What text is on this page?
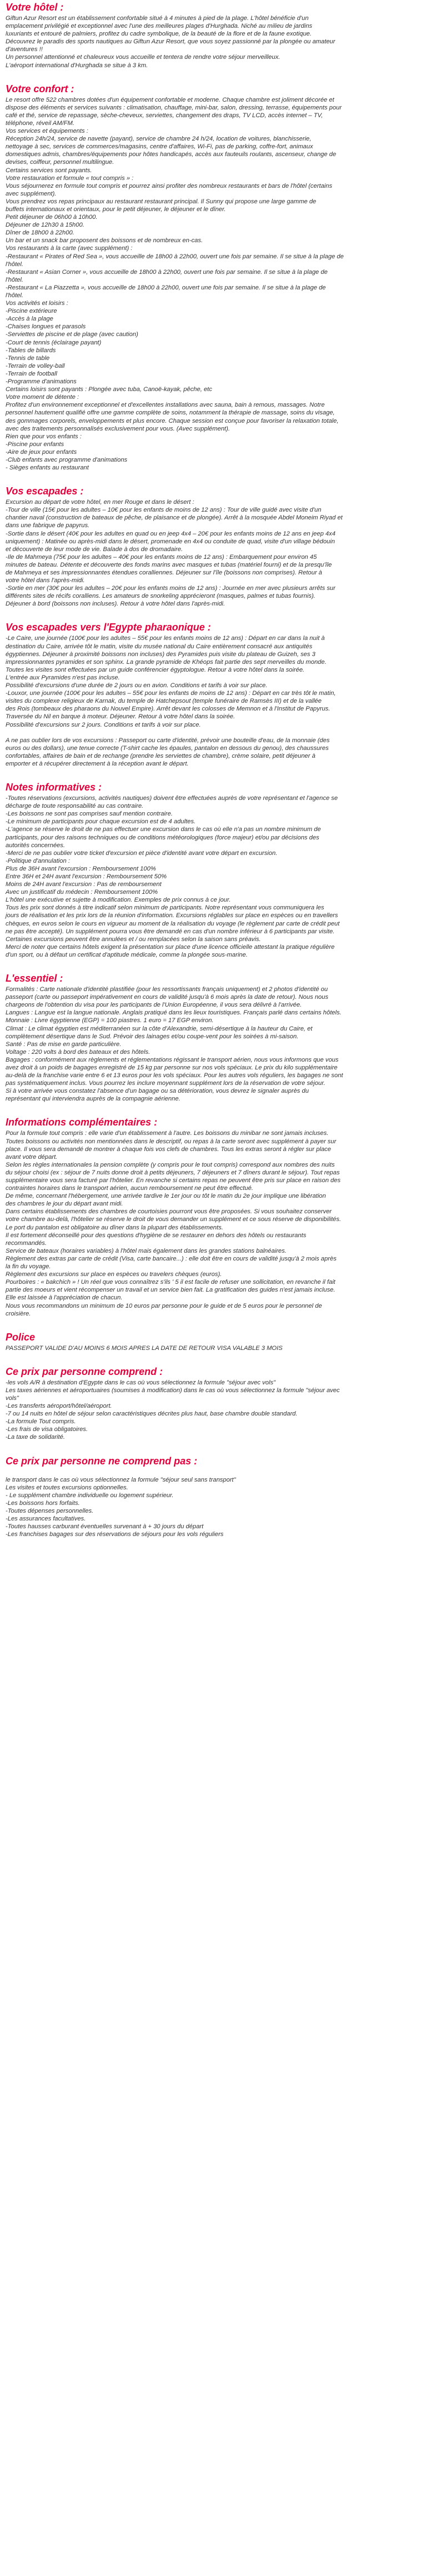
Votre hôtel :
Giftun Azur Resort est un établissement confortable situé à 4 minutes à pied de la plage. L'hôtel bénéficie d'un
emplacement privilégié et exceptionnel avec l'une des meilleures plages d'Hurghada. Niché au milieu de jardins
luxuriants et entouré de palmiers, profitez du cadre symbolique, de la beauté de la flore et de la faune exotique.
Découvrez le paradis des sports nautiques au Giftun Azur Resort, que vous soyez passionné par la plongée ou amateur
d'aventures !!
Un personnel attentionné et chaleureux vous accueille et tentera de rendre votre séjour merveilleux.
L'aéroport international d'Hurghada se situe à 3 km.
Votre confort :
Le resort offre 522 chambres dotées d'un équipement confortable et moderne. Chaque chambre est joliment décorée et
dispose des éléments et services suivants : climatisation, chauffage, mini-bar, salon, dressing, terrasse, équipements pour
café et thé, service de repassage, sèche-cheveux, serviettes, changement des draps, TV LCD, accès internet – TV,
téléphone, réveil AM/FM.
Vos services et équipements :
Réception 24h/24, service de navette (payant), service de chambre 24 h/24, location de voitures, blanchisserie,
nettoyage à sec, services de commerces/magasins, centre d'affaires, Wi-Fi, pas de parking, coffre-fort, animaux
domestiques admis, chambres/équipements pour hôtes handicapés, accès aux fauteuils roulants, ascenseur, change de
devises, coiffeur, personnel multilingue.
Certains services sont payants.
Votre restauration et formule « tout compris » :
Vous séjournerez en formule tout compris et pourrez ainsi profiter des nombreux restaurants et bars de l'hôtel (certains
avec supplément).
Vous prendrez vos repas principaux au restaurant restaurant principal. Il Sunny qui propose une large gamme de
buffets internationaux et orientaux, pour le petit déjeuner, le déjeuner et le dîner.
Petit déjeuner de 06h00 à 10h00.
Déjeuner de 12h30 à 15h00.
Dîner de 18h00 à 22h00.
Un bar et un snack bar proposent des boissons et de nombreux en-cas.
Vos restaurants à la carte (avec supplément) :
-Restaurant « Pirates of Red Sea », vous accueille de 18h00 à 22h00, ouvert une fois par semaine. Il se situe à la plage de
l'hôtel.
-Restaurant « Asian Corner », vous accueille de 18h00 à 22h00, ouvert une fois par semaine. Il se situe à la plage de
l'hôtel.
-Restaurant « La Piazzetta », vous accueille de 18h00 à 22h00, ouvert une fois par semaine. Il se situe à la plage de
l'hôtel.
Vos activités et loisirs :
-Piscine extérieure
-Accès à la plage
-Chaises longues et parasols
-Serviettes de piscine et de plage (avec caution)
-Court de tennis (éclairage payant)
-Tables de billards
-Tennis de table
-Terrain de volley-ball
-Terrain de football
-Programme d'animations
Certains loisirs sont payants : Plongée avec tuba, Canoë-kayak, pêche, etc
Votre moment de détente :
Profitez d'un environnement exceptionnel et d'excellentes installations avec sauna, bain à remous, massages. Notre
personnel hautement qualifié offre une gamme complète de soins, notamment la thérapie de massage, soins du visage,
des gommages corporels, enveloppements et plus encore. Chaque session est conçue pour favoriser la relaxation totale,
avec des traitements personnalisés exclusivement pour vous. (Avec supplément).
Rien que pour vos enfants :
-Piscine pour enfants
-Aire de jeux pour enfants
-Club enfants avec programme d'animations
- Sièges enfants au restaurant
Vos escapades :
Excursion au départ de votre hôtel, en mer Rouge et dans le désert :
-Tour de ville (15€ pour les adultes – 10€ pour les enfants de moins de 12 ans) : Tour de ville guidé avec visite d'un
chantier naval (construction de bateaux de pêche, de plaisance et de plongée). Arrêt à la mosquée Abdel Moneim Riyad et
dans une fabrique de papyrus.
-Sortie dans le désert (40€ pour les adultes en quad ou en jeep 4x4 – 20€ pour les enfants moins de 12 ans en jeep 4x4
uniquement) : Matinée ou après-midi dans le désert, promenade en 4x4 ou conduite de quad, visite d'un village bédouin
et découverte de leur mode de vie. Balade à dos de dromadaire.
-Ile de Mahmeya (75€ pour les adultes – 40€ pour les enfants moins de 12 ans) : Embarquement pour environ 45
minutes de bateau. Détente et découverte des fonds marins avec masques et tubas (matériel fourni) et de la presqu'île
de Mahmeya et ses impressionnantes étendues coralliennes. Déjeuner sur l'île (boissons non comprises). Retour à
votre hôtel dans l'après-midi.
-Sortie en mer (30€ pour les adultes – 20€ pour les enfants moins de 12 ans) : Journée en mer avec plusieurs arrêts sur
différents sites de récifs coralliens. Les amateurs de snorkeling apprécieront (masques, palmes et tubas fournis).
Déjeuner à bord (boissons non incluses). Retour à votre hôtel dans l'après-midi.
Vos escapades vers l'Egypte pharaonique :
-Le Caire, une journée (100€ pour les adultes – 55€ pour les enfants moins de 12 ans) : Départ en car dans la nuit à
destination du Caire, arrivée tôt le matin, visite du musée national du Caire entièrement consacré aux antiquités
égyptiennes. Déjeuner à proximité boissons non incluses) des Pyramides puis visite du plateau de Guizeh, ses 3
impressionnantes pyramides et son sphinx. La grande pyramide de Khéops fait partie des sept merveilles du monde.
Toutes les visites sont effectuées par un guide conférencier égyptologue. Retour à votre hôtel dans la soirée.
L'entrée aux Pyramides n'est pas incluse.
Possibilité d'excursions d'une durée de 2 jours ou en avion. Conditions et tarifs à voir sur place.
-Louxor, une journée (100€ pour les adultes – 55€ pour les enfants de moins de 12 ans) : Départ en car très tôt le matin,
visites du complexe religieux de Karnak, du temple de Hatchepsout (temple funéraire de Ramsès III) et de la vallée
des Rois (tombeaux des pharaons du Nouvel Empire). Arrêt devant les colosses de Memnon et à l'Institut de Papyrus.
Traversée du Nil en barque à moteur. Déjeuner. Retour à votre hôtel dans la soirée.
Possibilité d'excursions sur 2 jours. Conditions et tarifs à voir sur place.
A ne pas oublier lors de vos excursions : Passeport ou carte d'identité, prévoir une bouteille d'eau, de la monnaie (des
euros ou des dollars), une tenue correcte (T-shirt cache les épaules, pantalon en dessous du genou), des chaussures
confortables, affaires de bain et de rechange (prendre les serviettes de chambre), crème solaire, petit déjeuner à
emporter et à récupérer directement à la réception avant le départ.
Notes informatives :
-Toutes réservations (excursions, activités nautiques) doivent être effectuées auprès de votre représentant et l'agence se
décharge de toute responsabilité au cas contraire.
-Les boissons ne sont pas comprises sauf mention contraire.
-Le minimum de participants pour chaque excursion est de 4 adultes.
-L'agence se réserve le droit de ne pas effectuer une excursion dans le cas où elle n'a pas un nombre minimum de
participants, pour des raisons techniques ou de conditions météorologiques (force majeur) et/ou par décisions des
autorités concernées.
-Merci de ne pas oublier votre ticket d'excursion et pièce d'identité avant votre départ en excursion.
-Politique d'annulation :
Plus de 36H avant l'excursion : Remboursement 100%
Entre 36H et 24H avant l'excursion : Remboursement 50%
Moins de 24H avant l'excursion : Pas de remboursement
Avec un justificatif du médecin : Remboursement 100%
L'hôtel une exécutive et sujette à modification. Exemples de prix connus à ce jour.
Tous les prix sont donnés à titre indicatif selon minimum de participants. Notre représentant vous communiquera les
jours de réalisation et les prix lors de la réunion d'information. Excursions réglables sur place en espèces ou en travellers
chèques, en euros selon le cours en vigueur au moment de la réalisation du voyage (le règlement par carte de crédit peut
ne pas être accepté). Un supplément pourra vous être demandé en cas d'un nombre inférieur à 6 participants par visite.
Certaines excursions peuvent être annulées et / ou remplacées selon la saison sans préavis.
Merci de noter que certains hôtels exigent la présentation sur place d'une licence officielle attestant la pratique régulière
d'un sport, ou à défaut un certificat d'aptitude médicale, comme la plongée sous-marine.
L'essentiel :
Formalités : Carte nationale d'identité plastifiée (pour les ressortissants français uniquement) et 2 photos d'identité ou
passeport (carte ou passeport impérativement en cours de validité jusqu'à 6 mois après la date de retour). Nous nous
chargeons de l'obtention du visa pour les participants de l'Union Européenne, il vous sera délivré à l'arrivée.
Langues : Langue est la langue nationale. Anglais pratiqué dans les lieux touristiques. Français parlé dans certains hôtels.
Monnaie : Livre égyptienne (EGP) = 100 piastres. 1 euro = 17 EGP environ.
Climat : Le climat égyptien est méditerranéen sur la côte d'Alexandrie, semi-désertique à la hauteur du Caire, et
complètement désertique dans le Sud. Prévoir des lainages et/ou coupe-vent pour les soirées à mi-saison.
Santé : Pas de mise en garde particulière.
Voltage : 220 volts à bord des bateaux et des hôtels.
Bagages : conformément aux règlements et réglementations régissant le transport aérien, nous vous informons que vous
avez droit à un poids de bagages enregistré de 15 kg par personne sur nos vols spéciaux. Le prix du kilo supplémentaire
au-delà de la franchise varie entre 6 et 13 euros pour les vols spéciaux. Pour les autres vols réguliers, les bagages ne sont
pas systématiquement inclus. Vous pourrez les inclure moyennant supplément lors de la réservation de votre séjour.
Si à votre arrivée vous constatez l'absence d'un bagage ou sa détérioration, vous devrez le signaler auprès du
représentant qui interviendra auprès de la compagnie aérienne.
Informations complémentaires :
Pour la formule tout compris : elle varie d'un établissement à l'autre. Les boissons du minibar ne sont jamais incluses.
Toutes boissons ou activités non mentionnées dans le descriptif, ou repas à la carte seront avec supplément à payer sur
place. Il vous sera demandé de montrer à chaque fois vos clefs de chambres. Tous les extras seront à régler sur place
avant votre départ.
Selon les règles internationales la pension complète (y compris pour le tout compris) correspond aux nombres des nuits
du séjour choisi (ex : séjour de 7 nuits donne droit à petits déjeuners, 7 déjeuners et 7 dîners durant le séjour). Tout repas
supplémentaire vous sera facturé par l'hôtelier. En revanche si certains repas ne peuvent être pris sur place en raison des
contraintes horaires dans le transport aérien, aucun remboursement ne peut être effectué.
De même, concernant l'hébergement, une arrivée tardive le 1er jour ou tôt le matin du 2e jour implique une libération
des chambres le jour du départ avant midi.
Dans certains établissements des chambres de courtoisies pourront vous être proposées. Si vous souhaitez conserver
votre chambre au-delà, l'hôtelier se réserve le droit de vous demander un supplément et ce sous réserve de disponibilités.
Le port du pantalon est obligatoire au dîner dans la plupart des établissements.
Il est fortement déconseillé pour des questions d'hygiène de se restaurer en dehors des hôtels ou restaurants
recommandés.
Service de bateaux (horaires variables) à l'hôtel mais également dans les grandes stations balnéaires.
Règlement des extras par carte de crédit (Visa, carte bancaire...) : elle doit être en cours de validité jusqu'à 2 mois après
la fin du voyage.
Règlement des excursions sur place en espèces ou travelers chèques (euros).
Pourboires : « bakchich » ! Un réel que vous connaîtrez s'ils ' 5 il est facile de refuser une sollicitation, en revanche il fait
partie des moeurs et vient récompenser un travail et un service bien fait. La gratification des guides n'est jamais incluse.
Elle est laissée à l'appréciation de chacun.
Nous vous recommandons un minimum de 10 euros par personne pour le guide et de 5 euros pour le personnel de
croisière.
Police
PASSEPORT VALIDE D'AU MOINS 6 MOIS APRES LA DATE DE RETOUR VISA VALABLE 3 MOIS
Ce prix par personne comprend :
-les vols A/R à destination d'Egypte dans le cas où vous sélectionnez la formule "séjour avec vols"
Les taxes aériennes et aéroportuaires (soumises à modification) dans le cas où vous sélectionnez la formule "séjour avec
vols"
-Les transferts aéroport/hôtel/aéroport.
-7 ou 14 nuits en hôtel de séjour selon caractéristiques décrites plus haut, base chambre double standard.
-La formule Tout compris.
-Les frais de visa obligatoires.
-La taxe de solidarité.
Ce prix par personne ne comprend pas :
le transport dans le cas où vous sélectionnez la formule "séjour seul sans transport"
Les visites et toutes excursions optionnelles.
- Le supplément chambre individuelle ou logement supérieur.
-Les boissons hors forfaits.
-Toutes dépenses personnelles.
-Les assurances facultatives.
-Toutes hausses carburant éventuelles survenant à + 30 jours du départ
-Les franchises bagages sur des réservations de séjours pour les vols réguliers
